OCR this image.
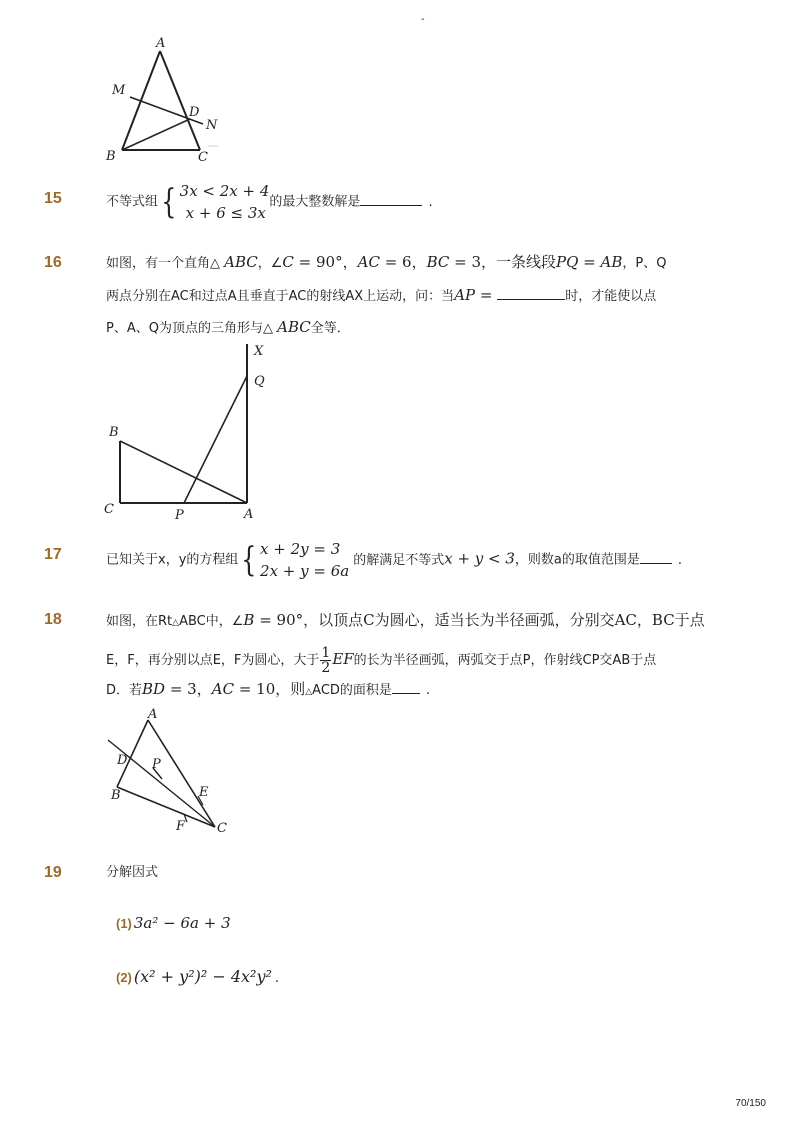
-
A
M
D
N
B	C
15	不等式组{ 3x < 2x + 4
x + 6 ≤ 3x
的最大整数解是	.
16	如图，有一个直角△ ABC，∠C = 90°，AC = 6，BC = 3，一条线段PQ = AB，P、Q
两点分别在AC和过点A且垂直于AC的射线AX上运动，问：当AP =	时，才能使以点
P、A、Q为顶点的三角形与△ ABC全等．
X
Q
B
C	P	A
17	已知关于x，y的方程组{ x + 2y = 3
2x + y = 6a
的解满足不等式x + y < 3，则数a的取值范围是	.
18	如图，在Rt△ABC中，∠B = 90°，以顶点C为圆心，适当长为半径画弧，分别交AC，BC于点
E，F，再分别以点E，F为圆心，大于 $\frac{1}{2}$ EF的长为半径画弧，两弧交于点P，作射线CP交AB于点
D．若BD = 3，AC = 10，则△ACD的面积是	.
A
D P
E
B
F C
19	分解因式
(1) 3a² − 6a + 3
(2) (x² + y²)² − 4x²y² .
70/150
